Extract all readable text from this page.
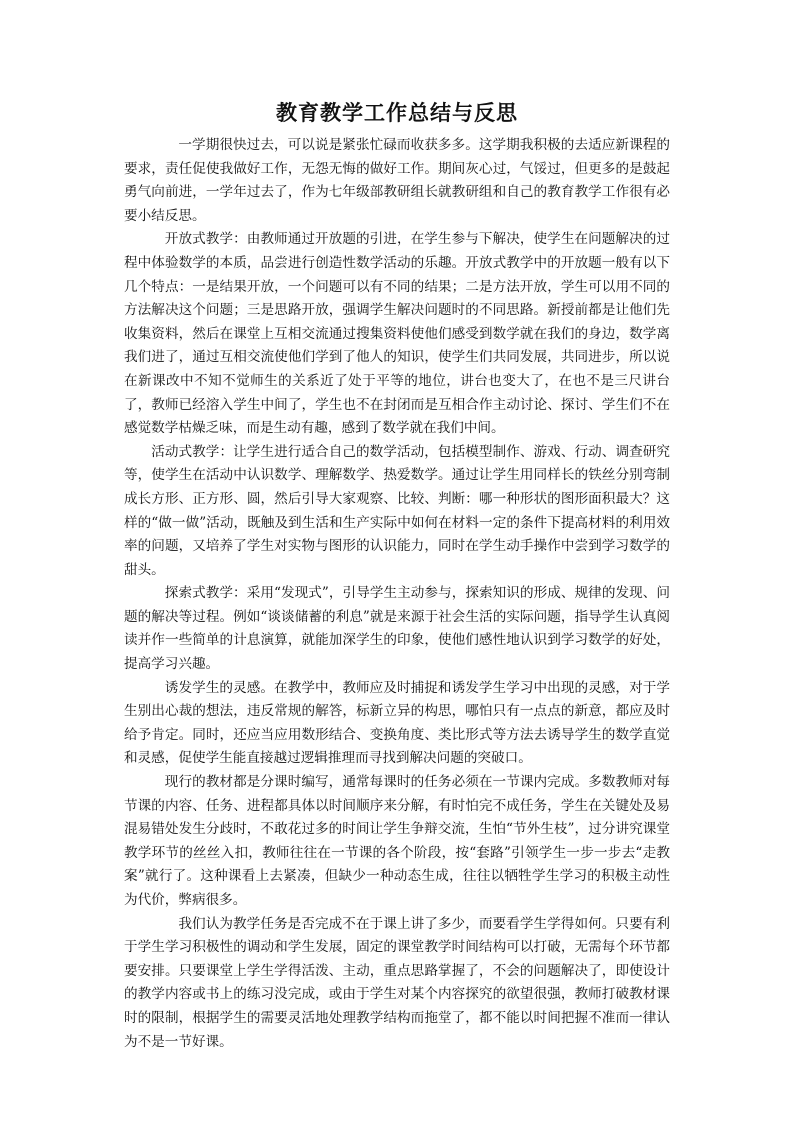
教育教学工作总结与反思

一学期很快过去，可以说是紧张忙碌而收获多多。这学期我积极的去适应新课程的要求，责任促使我做好工作，无怨无悔的做好工作。期间灰心过，气馁过，但更多的是鼓起勇气向前进，一学年过去了，作为七年级部教研组长就教研组和自己的教育教学工作很有必要小结反思。

开放式教学：由教师通过开放题的引进，在学生参与下解决，使学生在问题解决的过程中体验数学的本质，品尝进行创造性数学活动的乐趣。开放式教学中的开放题一般有以下几个特点：一是结果开放，一个问题可以有不同的结果；二是方法开放，学生可以用不同的方法解决这个问题；三是思路开放，强调学生解决问题时的不同思路。新授前都是让他们先收集资料，然后在课堂上互相交流通过搜集资料使他们感受到数学就在我们的身边，数学离我们进了，通过互相交流使他们学到了他人的知识，使学生们共同发展，共同进步，所以说在新课改中不知不觉师生的关系近了处于平等的地位，讲台也变大了，在也不是三尺讲台了，教师已经溶入学生中间了，学生也不在封闭而是互相合作主动讨论、探讨、学生们不在感觉数学枯燥乏味，而是生动有趣，感到了数学就在我们中间。

活动式教学：让学生进行适合自己的数学活动，包括模型制作、游戏、行动、调查研究等，使学生在活动中认识数学、理解数学、热爱数学。通过让学生用同样长的铁丝分别弯制成长方形、正方形、圆，然后引导大家观察、比较、判断：哪一种形状的图形面积最大？这样的“做一做”活动，既触及到生活和生产实际中如何在材料一定的条件下提高材料的利用效率的问题，又培养了学生对实物与图形的认识能力，同时在学生动手操作中尝到学习数学的甜头。

探索式教学：采用“发现式”，引导学生主动参与，探索知识的形成、规律的发现、问题的解决等过程。例如“谈谈储蓄的利息”就是来源于社会生活的实际问题，指导学生认真阅读并作一些简单的计息演算，就能加深学生的印象，使他们感性地认识到学习数学的好处，提高学习兴趣。

诱发学生的灵感。在教学中，教师应及时捕捉和诱发学生学习中出现的灵感，对于学生别出心裁的想法，违反常规的解答，标新立异的构思，哪怕只有一点点的新意，都应及时给予肯定。同时，还应当应用数形结合、变换角度、类比形式等方法去诱导学生的数学直觉和灵感，促使学生能直接越过逻辑推理而寻找到解决问题的突破口。

现行的教材都是分课时编写，通常每课时的任务必须在一节课内完成。多数教师对每节课的内容、任务、进程都具体以时间顺序来分解，有时怕完不成任务，学生在关键处及易混易错处发生分歧时，不敢花过多的时间让学生争辩交流，生怕“节外生枝”，过分讲究课堂教学环节的丝丝入扣，教师往往在一节课的各个阶段，按“套路”引领学生一步一步去“走教案”就行了。这种课看上去紧凑，但缺少一种动态生成，往往以牺牲学生学习的积极主动性为代价，弊病很多。

我们认为教学任务是否完成不在于课上讲了多少，而要看学生学得如何。只要有利于学生学习积极性的调动和学生发展，固定的课堂教学时间结构可以打破，无需每个环节都要安排。只要课堂上学生学得活泼、主动，重点思路掌握了，不会的问题解决了，即使设计的教学内容或书上的练习没完成，或由于学生对某个内容探究的欲望很强，教师打破教材课时的限制，根据学生的需要灵活地处理教学结构而拖堂了，都不能以时间把握不准而一律认为不是一节好课。
